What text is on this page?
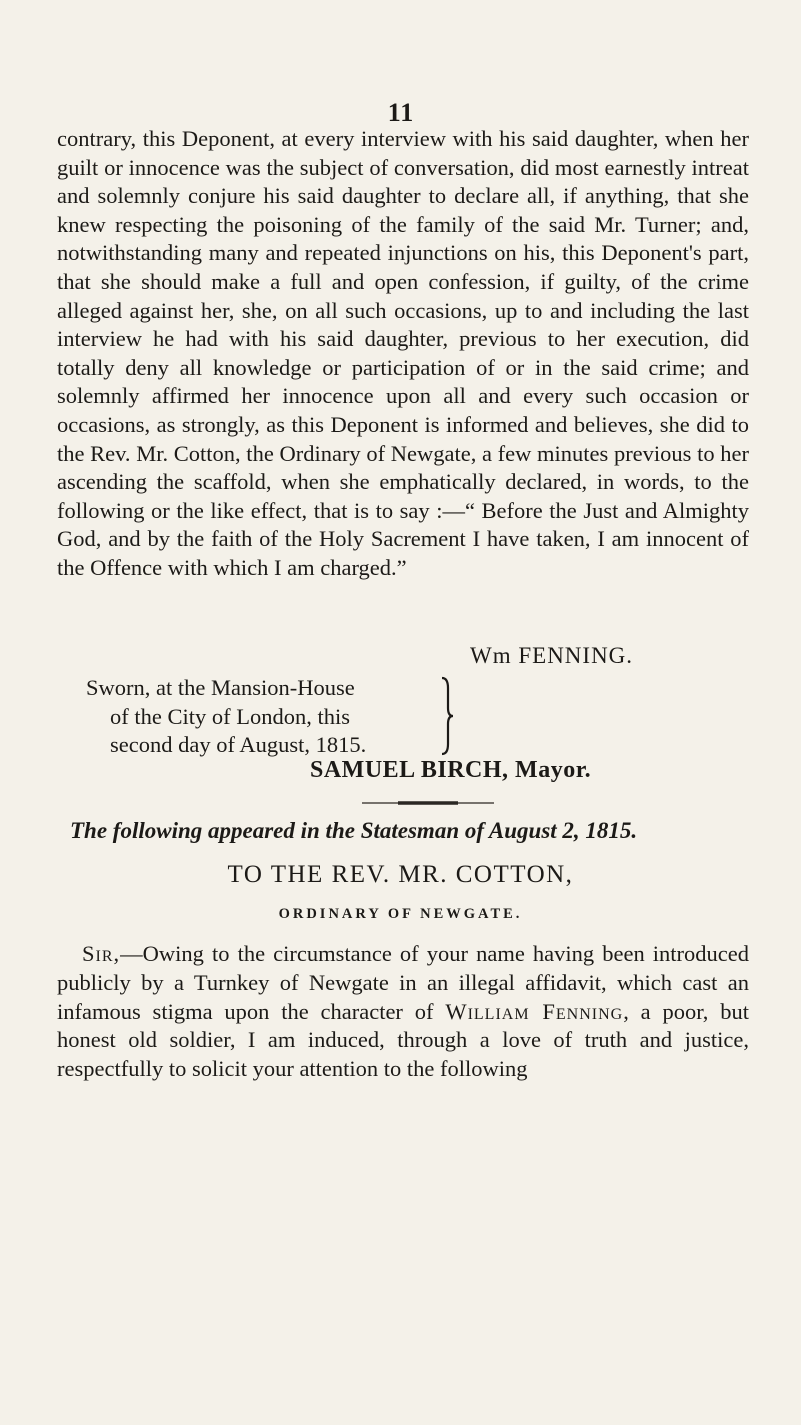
11

contrary, this Deponent, at every interview with his said daughter, when her guilt or innocence was the subject of conversation, did most earnestly intreat and solemnly conjure his said daughter to declare all, if anything, that she knew respecting the poisoning of the family of the said Mr. Turner; and, notwithstanding many and repeated injunctions on his, this Deponent's part, that she should make a full and open confession, if guilty, of the crime alleged against her, she, on all such occasions, up to and including the last interview he had with his said daughter, previous to her execution, did totally deny all knowledge or participation of or in the said crime; and solemnly affirmed her innocence upon all and every such occasion or occasions, as strongly, as this Deponent is informed and believes, she did to the Rev. Mr. Cotton, the Ordinary of Newgate, a few minutes previous to her ascending the scaffold, when she emphatically declared, in words, to the following or the like effect, that is to say :—“ Before the Just and Almighty God, and by the faith of the Holy Sacrement I have taken, I am innocent of the Offence with which I am charged.”

Wm FENNING.
Sworn, at the Mansion-House
of the City of London, this
second day of August, 1815.
SAMUEL BIRCH, Mayor.
The following appeared in the Statesman of August 2, 1815.
TO THE REV. MR. COTTON,
ORDINARY OF NEWGATE.

Sir,—Owing to the circumstance of your name having been introduced publicly by a Turnkey of Newgate in an illegal affidavit, which cast an infamous stigma upon the character of William Fenning, a poor, but honest old soldier, I am induced, through a love of truth and justice, respectfully to solicit your attention to the following
